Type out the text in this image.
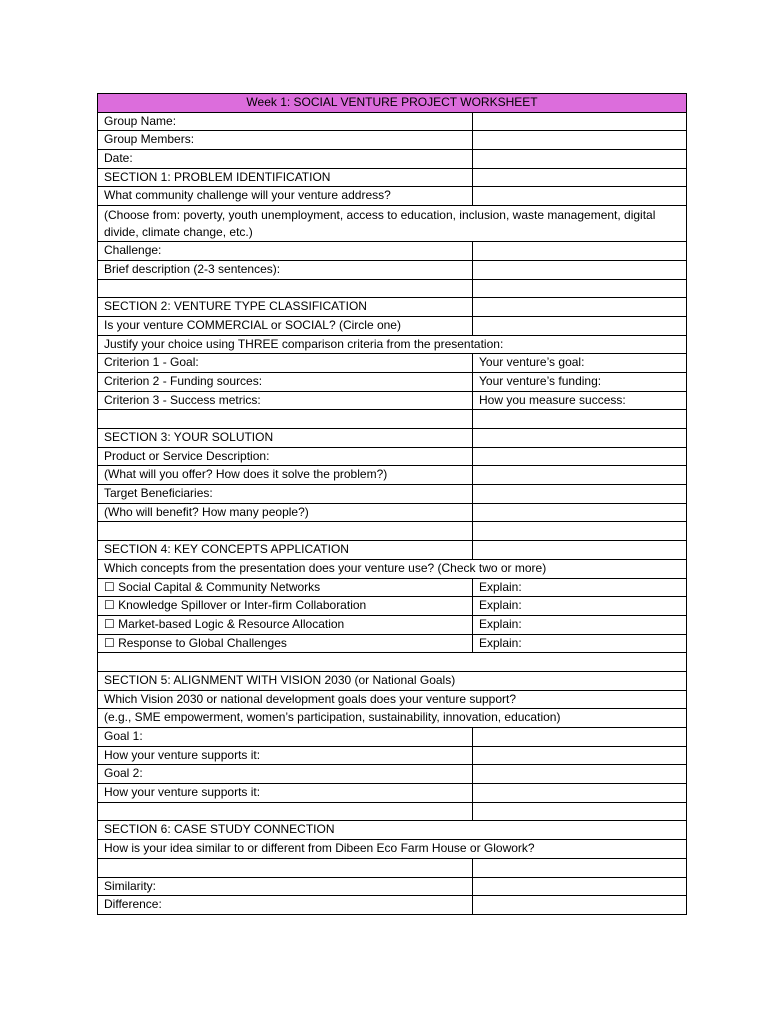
Week 1: SOCIAL VENTURE PROJECT WORKSHEET	
Group Name:	
Group Members:	
Date:	
SECTION 1: PROBLEM IDENTIFICATION	
What community challenge will your venture address?	
(Choose from: poverty, youth unemployment, access to education, inclusion, waste management, digital divide, climate change, etc.)	
Challenge:	
Brief description (2-3 sentences):	

SECTION 2: VENTURE TYPE CLASSIFICATION	
Is your venture COMMERCIAL or SOCIAL? (Circle one)	
Justify your choice using THREE comparison criteria from the presentation:	
Criterion 1 - Goal:	Your venture’s goal:
Criterion 2 - Funding sources:	Your venture’s funding:
Criterion 3 - Success metrics:	How you measure success:

SECTION 3: YOUR SOLUTION	
Product or Service Description:	
(What will you offer? How does it solve the problem?)	
Target Beneficiaries:	
(Who will benefit? How many people?)	

SECTION 4: KEY CONCEPTS APPLICATION	
Which concepts from the presentation does your venture use? (Check two or more)	
☐ Social Capital & Community Networks	Explain:
☐ Knowledge Spillover or Inter-firm Collaboration	Explain:
☐ Market-based Logic & Resource Allocation	Explain:
☐ Response to Global Challenges	Explain:

SECTION 5: ALIGNMENT WITH VISION 2030 (or National Goals)	
Which Vision 2030 or national development goals does your venture support?	
(e.g., SME empowerment, women’s participation, sustainability, innovation, education)	
Goal 1:	
How your venture supports it:	
Goal 2:	
How your venture supports it:	

SECTION 6: CASE STUDY CONNECTION	
How is your idea similar to or different from Dibeen Eco Farm House or Glowork?	

Similarity:	
Difference:	
